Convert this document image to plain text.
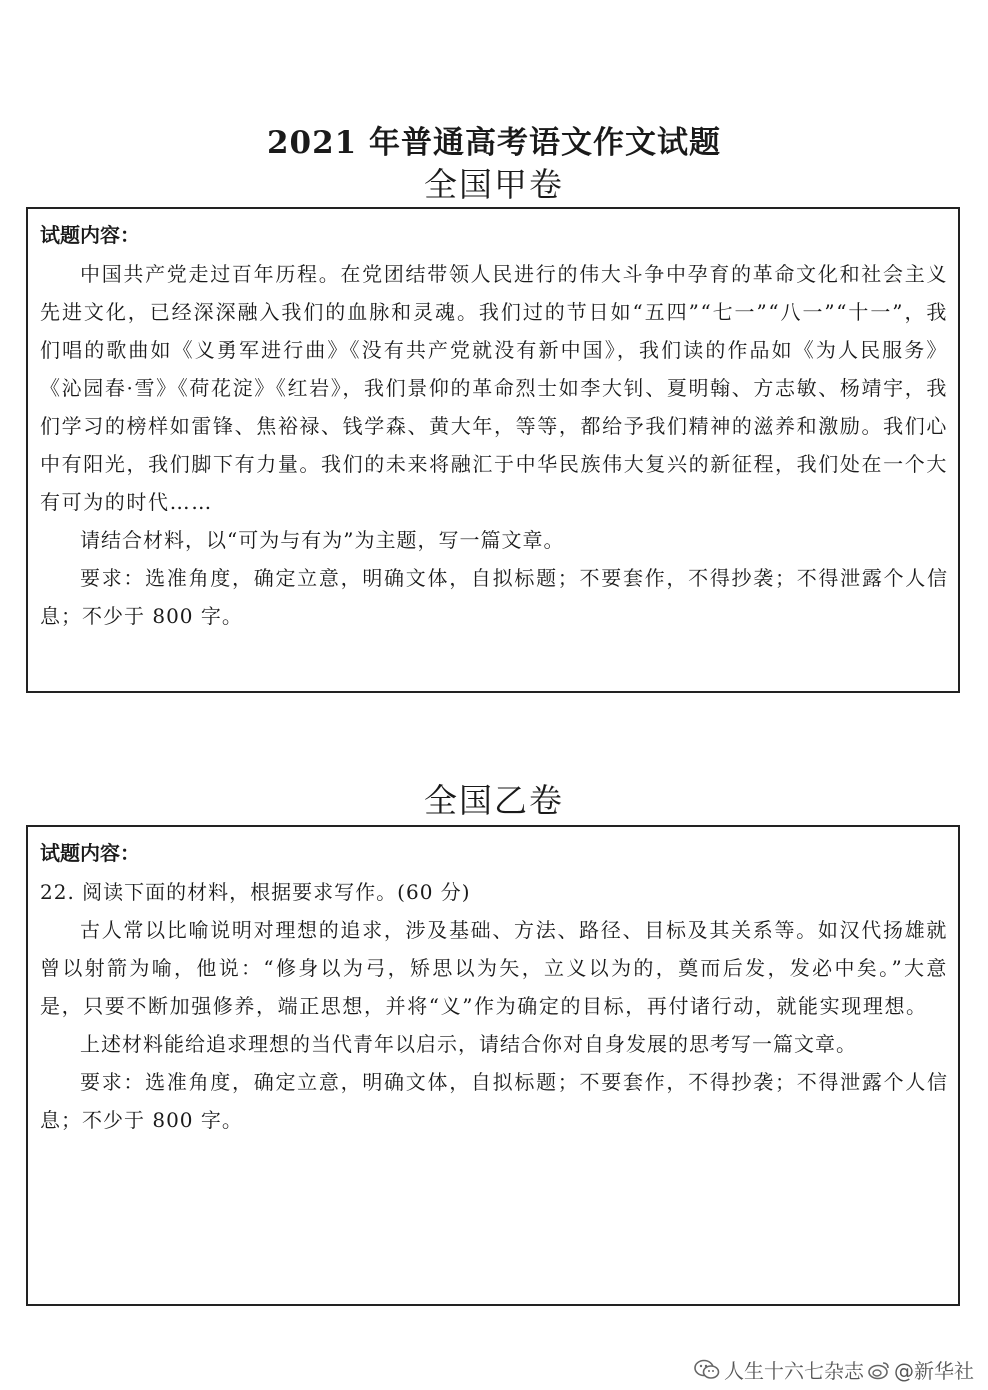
2021 年普通高考语文作文试题
全国甲卷
试题内容：

中国共产党走过百年历程。在党团结带领人民进行的伟大斗争中孕育的革命文化和社会主义先进文化，已经深深融入我们的血脉和灵魂。我们过的节日如“五四”“七一”“八一”“十一”，我们唱的歌曲如《义勇军进行曲》《没有共产党就没有新中国》，我们读的作品如《为人民服务》《沁园春·雪》《荷花淀》《红岩》，我们景仰的革命烈士如李大钊、夏明翰、方志敏、杨靖宇，我们学习的榜样如雷锋、焦裕禄、钱学森、黄大年，等等，都给予我们精神的滋养和激励。我们心中有阳光，我们脚下有力量。我们的未来将融汇于中华民族伟大复兴的新征程，我们处在一个大有可为的时代……

请结合材料，以“可为与有为”为主题，写一篇文章。

要求：选准角度，确定立意，明确文体，自拟标题；不要套作，不得抄袭；不得泄露个人信息；不少于 800 字。

全国乙卷
试题内容：

22. 阅读下面的材料，根据要求写作。(60 分)

古人常以比喻说明对理想的追求，涉及基础、方法、路径、目标及其关系等。如汉代扬雄就曾以射箭为喻，他说：“修身以为弓，矫思以为矢，立义以为的，奠而后发，发必中矣。”大意是，只要不断加强修养，端正思想，并将“义”作为确定的目标，再付诸行动，就能实现理想。

上述材料能给追求理想的当代青年以启示，请结合你对自身发展的思考写一篇文章。

要求：选准角度，确定立意，明确文体，自拟标题；不要套作，不得抄袭；不得泄露个人信息；不少于 800 字。

人生十六七杂志 @新华社
